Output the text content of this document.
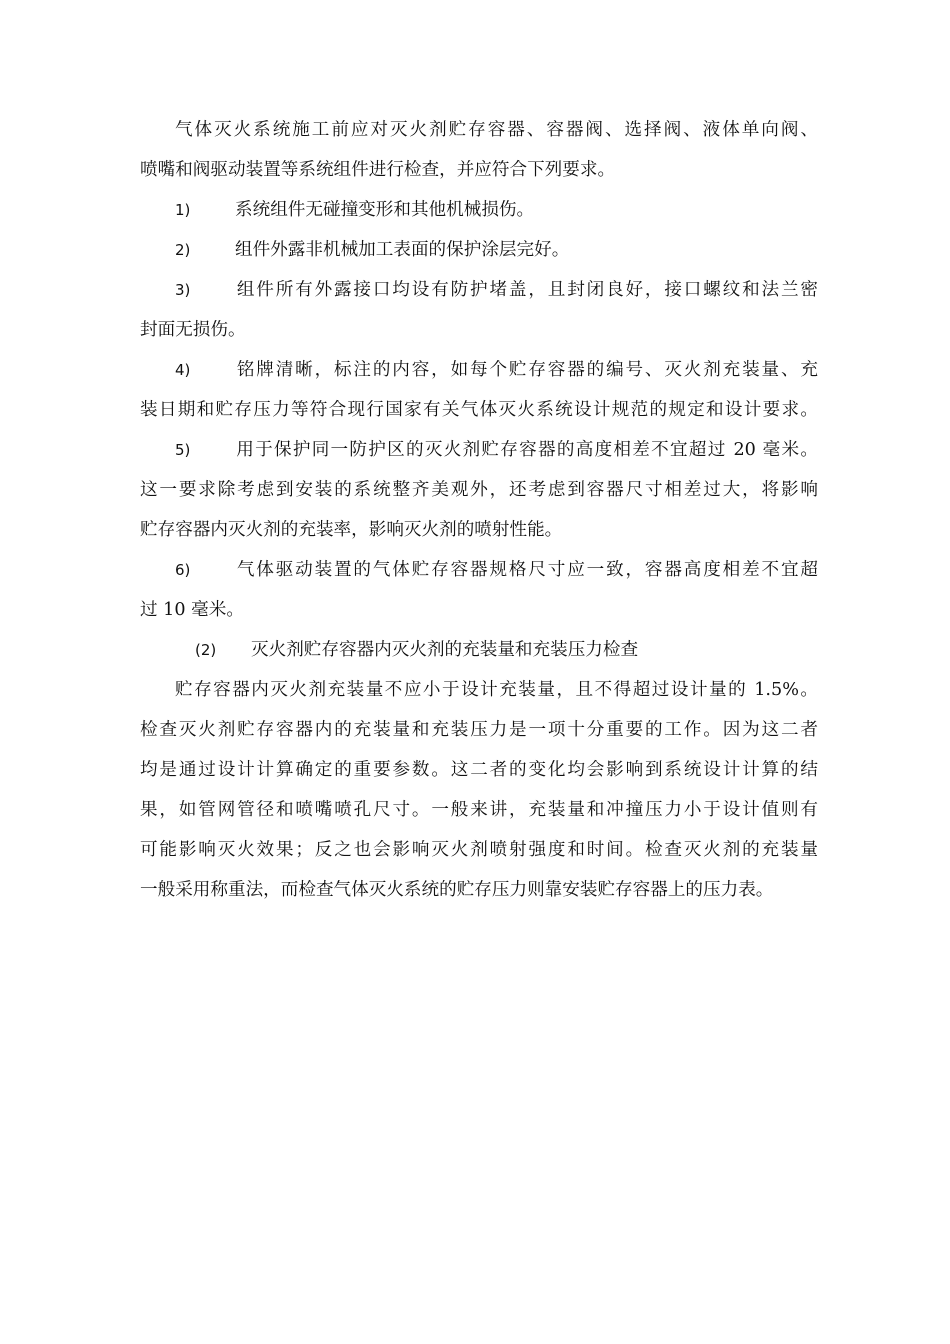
气体灭火系统施工前应对灭火剂贮存容器、容器阀、选择阀、液体单向阀、
喷嘴和阀驱动装置等系统组件进行检查，并应符合下列要求。
1)	系统组件无碰撞变形和其他机械损伤。
2)	组件外露非机械加工表面的保护涂层完好。
3)	组件所有外露接口均设有防护堵盖，且封闭良好，接口螺纹和法兰密
封面无损伤。
4)	铭牌清晰，标注的内容，如每个贮存容器的编号、灭火剂充装量、充
装日期和贮存压力等符合现行国家有关气体灭火系统设计规范的规定和设计要求。
5)	用于保护同一防护区的灭火剂贮存容器的高度相差不宜超过 20 毫米。
这一要求除考虑到安装的系统整齐美观外，还考虑到容器尺寸相差过大，将影响
贮存容器内灭火剂的充装率，影响灭火剂的喷射性能。
6)	气体驱动装置的气体贮存容器规格尺寸应一致，容器高度相差不宜超
过 10 毫米。
(2) 灭火剂贮存容器内灭火剂的充装量和充装压力检查
贮存容器内灭火剂充装量不应小于设计充装量，且不得超过设计量的 1.5%。
检查灭火剂贮存容器内的充装量和充装压力是一项十分重要的工作。因为这二者
均是通过设计计算确定的重要参数。这二者的变化均会影响到系统设计计算的结
果，如管网管径和喷嘴喷孔尺寸。一般来讲，充装量和冲撞压力小于设计值则有
可能影响灭火效果；反之也会影响灭火剂喷射强度和时间。检查灭火剂的充装量
一般采用称重法，而检查气体灭火系统的贮存压力则靠安装贮存容器上的压力表。
